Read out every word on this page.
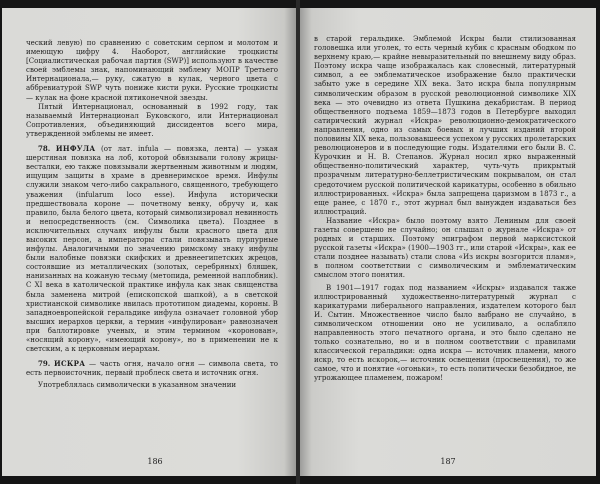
ческий левую) по сравнению с советским серпом и молотом и имеющую цифру 4. Наоборот, английские троцкисты [Социалистическая рабочая партия (SWP)] используют в качестве своей эмблемы знак, напоминающий эмблему МОПР Третьего Интернационала,— руку, сжатую в кулак, черного цвета с аббревиатурой SWP чуть пониже кисти руки. Русские троцкисты — кулак на фоне красной пятиконечной звезды.

Пятый Интернационал, основанный в 1992 году, так называемый Интернационал Буковского, или Интернационал Сопротивления, объединяющий диссидентов всего мира, утвержденной эмблемы не имеет.

78. ИНФУЛА (от лат. infula — повязка, лента) — узкая шерстяная повязка на лоб, которой обвязывали голову жрицы-весталки, ею также повязывали жертвенным животным и людям, ищущим защиты в храме в древнеримское время. Инфулы служили знаком чего-либо сакрального, священного, требующего уважения (infularum loco esse). Инфула исторически предшествовала короне — почетному венку, обручу и, как правило, была белого цвета, который символизировал невинность и непосредственность (см. Символика цвета). Позднее в исключительных случаях инфулы были красного цвета для высоких персон, а императоры стали повязывать пурпурные инфулы. Аналогичными по значению римскому знаку инфулы были налобные повязки скифских и древнеегипетских жрецов, состоявшие из металлических (золотых, серебряных) бляшек, нанизанных на кожаную тесьму (метопида, ременной наплобник). С XI века в католической практике инфула как знак священства была заменена митрой (епископской шапкой), а в светской христианской символике явилась прототипом диадемы, короны. В западноевропейской геральдике инфула означает головной убор высших иерархов церкви, а термин «инфулирован» равнозначен при баллотировке ученых, и этим термином «коронован», «носящий корону», «имеющий корону», но в применении не к светским, а к церковным иерархам.

79. ИСКРА — часть огня, начало огня — символа света, то есть первоисточник, первый проблеск света и источник огня.

Употреблялась символически в указанном значении

186

в старой геральдике. Эмблемой Искры были стилизованная головешка или уголек, то есть черный кубик с красным ободком по верхнему краю,— крайне невыразительный по внешнему виду образ. Поэтому искра чаще изображалась как словесный, литературный символ, а ее эмблематическое изображение было практически забыто уже в середине XIX века. Зато искра была популярным символическим образом в русской революционной символике XIX века — это очевидно из ответа Пушкина декабристам. В период общественного подъема 1859—1873 годов в Петербурге выходил сатирический журнал «Искра» революционно-демократического направления, одно из самых боевых и лучших изданий второй половины XIX века, пользовавшееся успехом у русских пролетарских революционеров и в последующие годы. Издателями его были В. С. Курочкин и Н. В. Степанов. Журнал носил ярко выраженный общественно-политический характер, чуть-чуть прикрытый прозрачным литературно-беллетристическим покрывалом, он стал средоточием русской политической карикатуры, особенно в обильно иллюстрированных. «Искра» была запрещена царизмом в 1873 г., а еще ранее, с 1870 г., этот журнал был вынужден издаваться без иллюстраций.

Название «Искра» было поэтому взято Лениным для своей газеты совершено не случайно; он слышал о журнале «Искра» от родных и старших. Поэтому эпиграфом первой марксистской русской газеты «Искра» (1900—1903 гг., или старой «Искры», как ее стали позднее называть) стали слова «Из искры возгорится пламя», в полном соответствии с символическим и эмблематическим смыслом этого понятия.

В 1901—1917 годах под названием «Искры» издавался также иллюстрированный художественно-литературный журнал с карикатурами либерального направления, издателем которого был И. Сытин. Множественное число было выбрано не случайно, в символическом отношении оно не усиливало, а ослабляло направленность этого печатного органа, и это было сделано не только сознательно, но и в полном соответствии с правилами классической геральдики: одна искра — источник пламени, много искр, то есть искорок,— источник освещения (просвещения), то же самое, что и понятие «огоньки», то есть политически безобидное, не угрожающее пламенем, пожаром!

187
